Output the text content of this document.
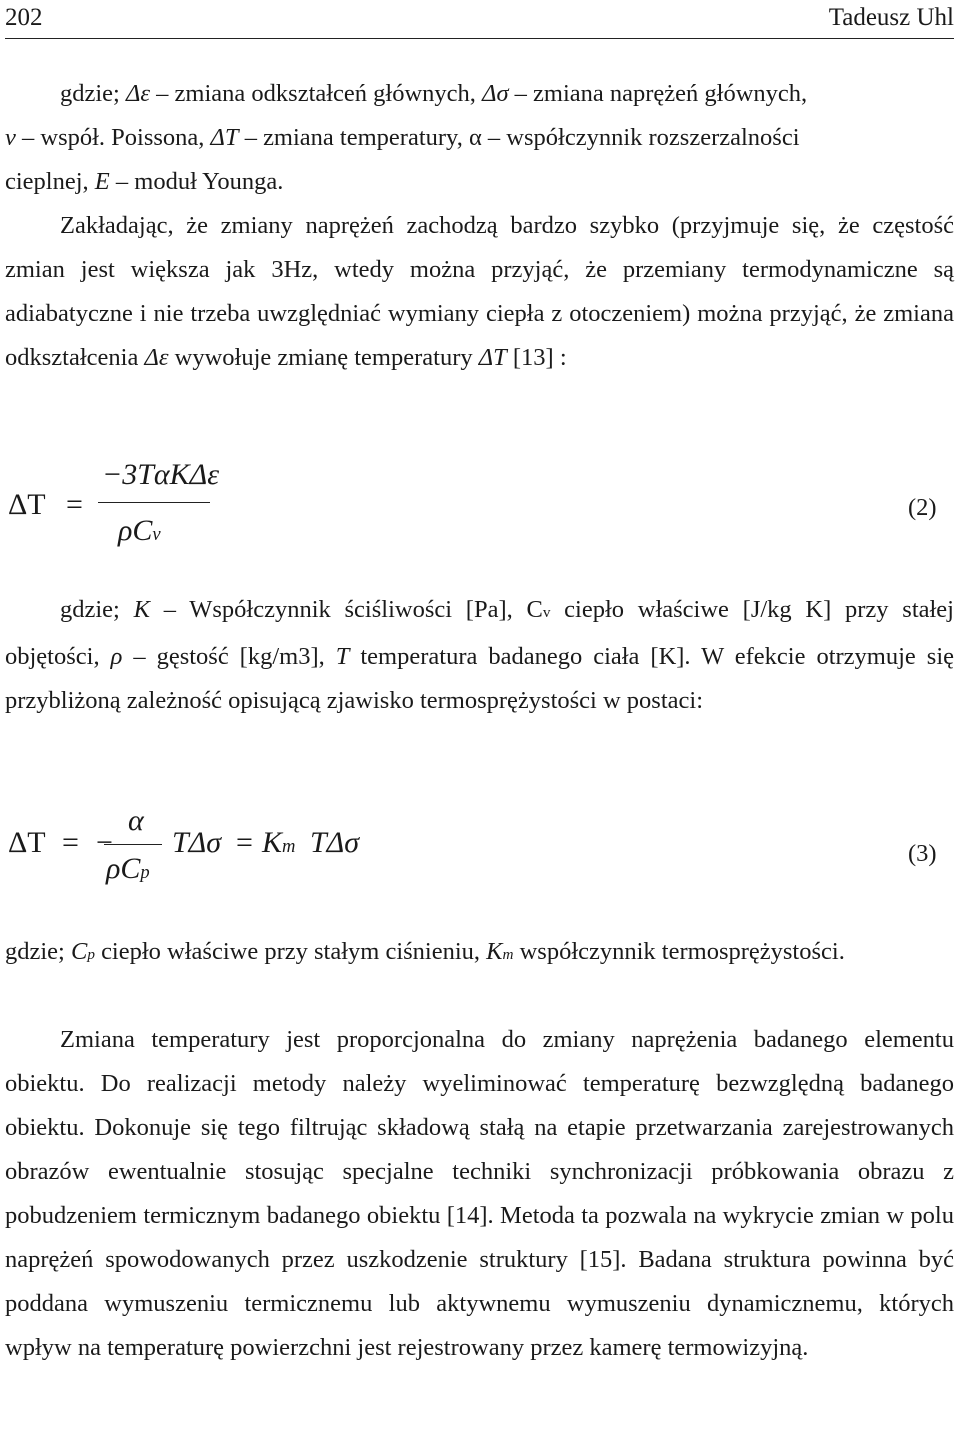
202	Tadeusz Uhl

gdzie; Δε – zmiana odkształceń głównych, Δσ – zmiana naprężeń głównych,
ν – współ. Poissona, ΔT – zmiana temperatury, α – współczynnik rozszerzalności
cieplnej, E – moduł Younga.

Zakładając, że zmiany naprężeń zachodzą bardzo szybko (przyjmuje się, że częstość zmian jest większa jak 3Hz, wtedy można przyjąć, że przemiany termodynamiczne są adiabatyczne i nie trzeba uwzględniać wymiany ciepła z otoczeniem) można przyjąć, że zmiana odkształcenia Δε wywołuje zmianę temperatury ΔT [13] :

ΔT =
−3TαKΔε
ρCv
(2)

gdzie; K – Współczynnik ściśliwości [Pa], Cv ciepło właściwe [J/kg K] przy stałej objętości, ρ – gęstość [kg/m3], T temperatura badanego ciała [K]. W efekcie otrzymuje się przybliżoną zależność opisującą zjawisko termosprężystości w postaci:

ΔT = −
α
ρCp
TΔσ = Km TΔσ	(3)

gdzie; Cp ciepło właściwe przy stałym ciśnieniu, Km współczynnik termosprężystości.

Zmiana temperatury jest proporcjonalna do zmiany naprężenia badanego elementu obiektu. Do realizacji metody należy wyeliminować temperaturę bezwzględną badanego obiektu. Dokonuje się tego filtrując składową stałą na etapie przetwarzania zarejestrowanych obrazów ewentualnie stosując specjalne techniki synchronizacji próbkowania obrazu z pobudzeniem termicznym badanego obiektu [14]. Metoda ta pozwala na wykrycie zmian w polu naprężeń spowodowanych przez uszkodzenie struktury [15]. Badana struktura powinna być poddana wymuszeniu termicznemu lub aktywnemu wymuszeniu dynamicznemu, których wpływ na temperaturę powierzchni jest rejestrowany przez kamerę termowizyjną.
